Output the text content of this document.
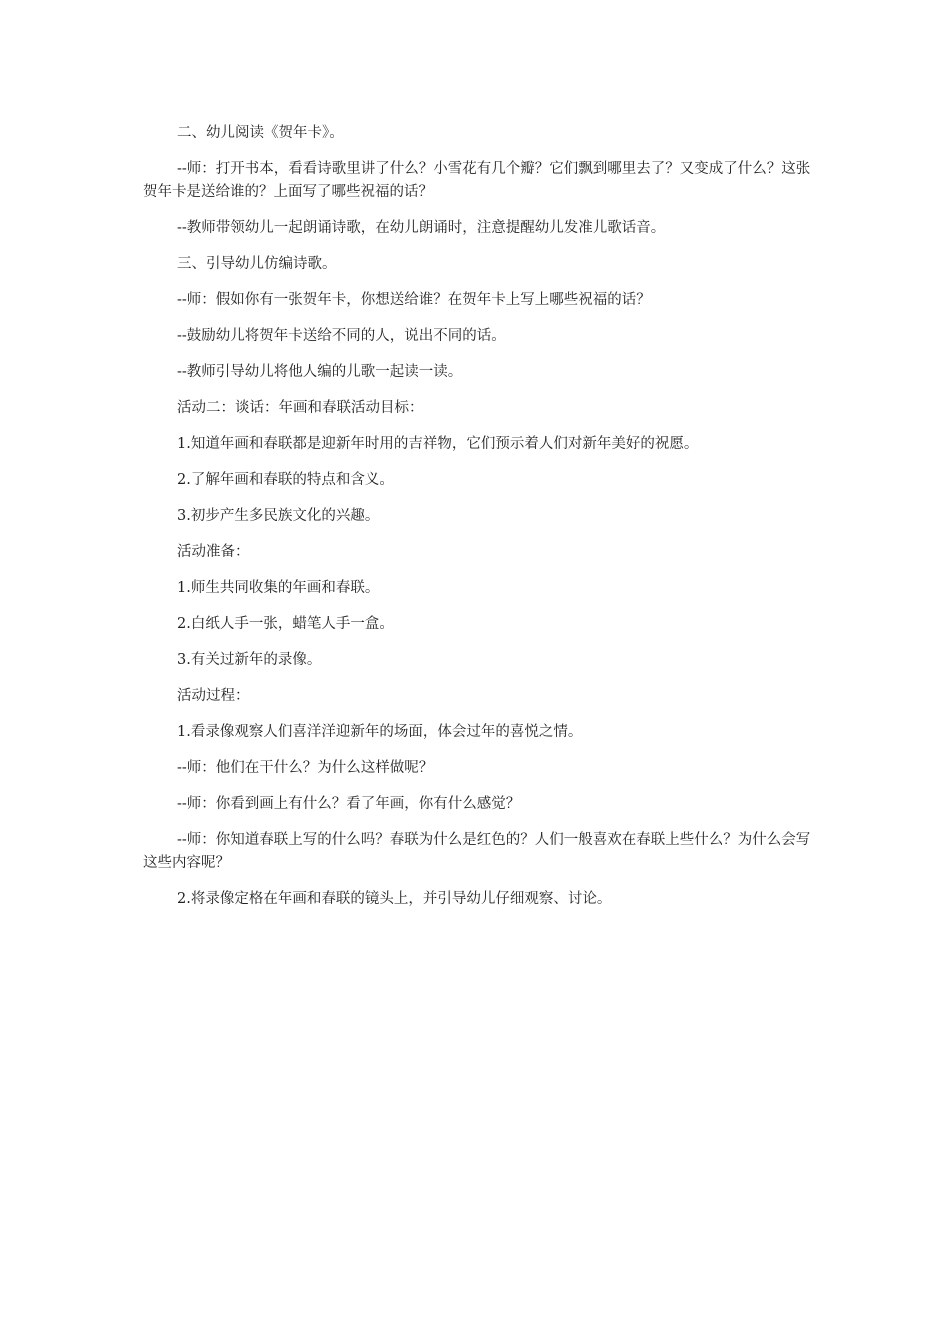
二、幼儿阅读《贺年卡》。

--师：打开书本，看看诗歌里讲了什么？小雪花有几个瓣？它们飘到哪里去了？又变成了什么？这张贺年卡是送给谁的？上面写了哪些祝福的话？

--教师带领幼儿一起朗诵诗歌，在幼儿朗诵时，注意提醒幼儿发准儿歌话音。

三、引导幼儿仿编诗歌。

--师：假如你有一张贺年卡，你想送给谁？在贺年卡上写上哪些祝福的话？

--鼓励幼儿将贺年卡送给不同的人，说出不同的话。

--教师引导幼儿将他人编的儿歌一起读一读。

活动二：谈话：年画和春联活动目标：

1.知道年画和春联都是迎新年时用的吉祥物，它们预示着人们对新年美好的祝愿。

2.了解年画和春联的特点和含义。

3.初步产生多民族文化的兴趣。

活动准备：

1.师生共同收集的年画和春联。

2.白纸人手一张，蜡笔人手一盒。

3.有关过新年的录像。

活动过程：

1.看录像观察人们喜洋洋迎新年的场面，体会过年的喜悦之情。

--师：他们在干什么？为什么这样做呢？

--师：你看到画上有什么？看了年画，你有什么感觉？

--师：你知道春联上写的什么吗？春联为什么是红色的？人们一般喜欢在春联上些什么？为什么会写这些内容呢？

2.将录像定格在年画和春联的镜头上，并引导幼儿仔细观察、讨论。
